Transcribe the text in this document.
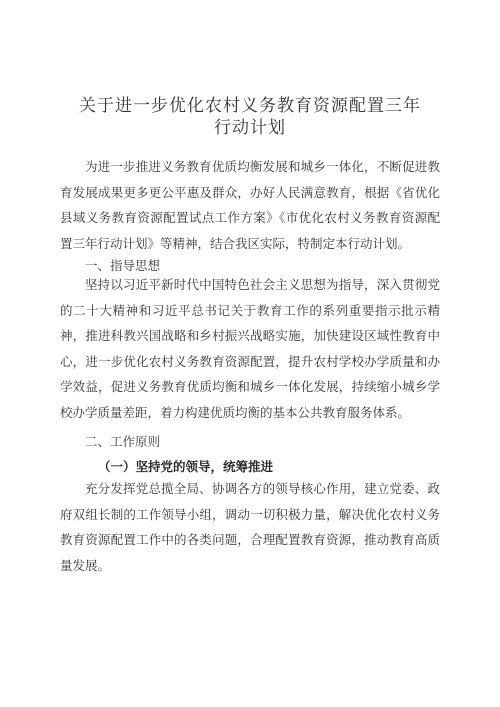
关于进一步优化农村义务教育资源配置三年
行动计划

为进一步推进义务教育优质均衡发展和城乡一体化，不断促进教育发展成果更多更公平惠及群众，办好人民满意教育，根据《省优化县域义务教育资源配置试点工作方案》《市优化农村义务教育资源配置三年行动计划》等精神，结合我区实际，特制定本行动计划。

一、指导思想

坚持以习近平新时代中国特色社会主义思想为指导，深入贯彻党的二十大精神和习近平总书记关于教育工作的系列重要指示批示精神，推进科教兴国战略和乡村振兴战略实施，加快建设区域性教育中心，进一步优化农村义务教育资源配置，提升农村学校办学质量和办学效益，促进义务教育优质均衡和城乡一体化发展，持续缩小城乡学校办学质量差距，着力构建优质均衡的基本公共教育服务体系。

二、工作原则
（一）坚持党的领导，统筹推进

充分发挥党总揽全局、协调各方的领导核心作用，建立党委、政府双组长制的工作领导小组，调动一切积极力量，解决优化农村义务教育资源配置工作中的各类问题，合理配置教育资源，推动教育高质量发展。
